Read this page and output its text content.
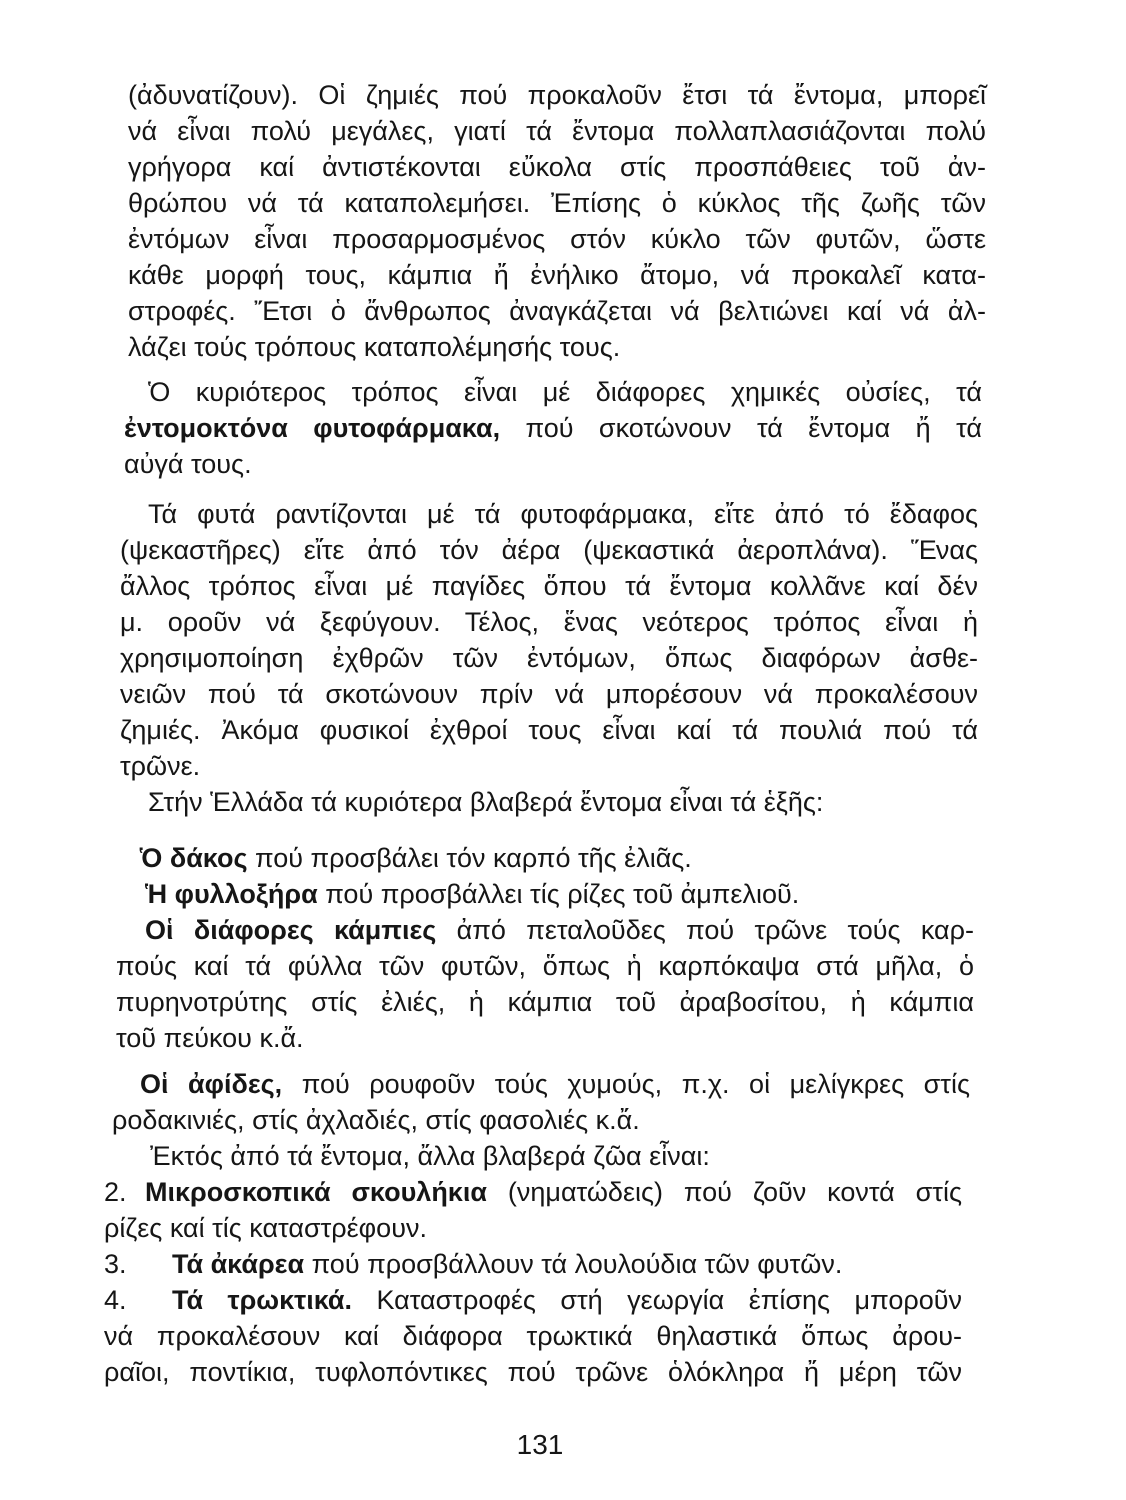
(ἀδυνατίζουν). Οἱ ζημιές πού προκαλοῦν ἔτσι τά ἔντομα, μπορεῖ
νά εἶναι πολύ μεγάλες, γιατί τά ἔντομα πολλαπλασιάζονται πολύ
γρήγορα καί ἀντιστέκονται εὔκολα στίς προσπάθειες τοῦ ἀν-
θρώπου νά τά καταπολεμήσει. Ἐπίσης ὁ κύκλος τῆς ζωῆς τῶν
ἐντόμων εἶναι προσαρμοσμένος στόν κύκλο τῶν φυτῶν, ὥστε
κάθε μορφή τους, κάμπια ἤ ἐνήλικο ἄτομο, νά προκαλεῖ κατα-
στροφές. Ἔτσι ὁ ἄνθρωπος ἀναγκάζεται νά βελτιώνει καί νά ἀλ-
λάζει τούς τρόπους καταπολέμησής τους.
Ὁ κυριότερος τρόπος εἶναι μέ διάφορες χημικές οὐσίες, τά
ἐντομοκτόνα φυτοφάρμακα, πού σκοτώνουν τά ἔντομα ἤ τά
αὐγά τους.
Τά φυτά ραντίζονται μέ τά φυτοφάρμακα, εἴτε ἀπό τό ἔδαφος
(ψεκαστῆρες) εἴτε ἀπό τόν ἀέρα (ψεκαστικά ἀεροπλάνα). Ἕνας
ἄλλος τρόπος εἶναι μέ παγίδες ὅπου τά ἔντομα κολλᾶνε καί δέν
μ. οροῦν νά ξεφύγουν. Τέλος, ἕνας νεότερος τρόπος εἶναι ἡ
χρησιμοποίηση ἐχθρῶν τῶν ἐντόμων, ὅπως διαφόρων ἀσθε-
νειῶν πού τά σκοτώνουν πρίν νά μπορέσουν νά προκαλέσουν
ζημιές. Ἀκόμα φυσικοί ἐχθροί τους εἶναι καί τά πουλιά πού τά
τρῶνε.
Στήν Ἑλλάδα τά κυριότερα βλαβερά ἔντομα εἶναι τά ἑξῆς:
Ὁ δάκος πού προσβάλει τόν καρπό τῆς ἐλιᾶς.
Ἡ φυλλοξήρα πού προσβάλλει τίς ρίζες τοῦ ἀμπελιοῦ.
Οἱ διάφορες κάμπιες ἀπό πεταλοῦδες πού τρῶνε τούς καρ-
πούς καί τά φύλλα τῶν φυτῶν, ὅπως ἡ καρπόκαψα στά μῆλα, ὁ
πυρηνοτρύτης στίς ἐλιές, ἡ κάμπια τοῦ ἀραβοσίτου, ἡ κάμπια
τοῦ πεύκου κ.ἄ.
Οἱ ἀφίδες, πού ρουφοῦν τούς χυμούς, π.χ. οἱ μελίγκρες στίς
ροδακινιές, στίς ἀχλαδιές, στίς φασολιές κ.ἄ.
Ἐκτός ἀπό τά ἔντομα, ἄλλα βλαβερά ζῶα εἶναι:
2. Μικροσκοπικά σκουλήκια (νηματώδεις) πού ζοῦν κοντά στίς
ρίζες καί τίς καταστρέφουν.
3. Τά ἀκάρεα πού προσβάλλουν τά λουλούδια τῶν φυτῶν.
4. Τά τρωκτικά. Καταστροφές στή γεωργία ἐπίσης μποροῦν
νά προκαλέσουν καί διάφορα τρωκτικά θηλαστικά ὅπως ἀρου-
ραῖοι, ποντίκια, τυφλοπόντικες πού τρῶνε ὁλόκληρα ἤ μέρη τῶν
131
